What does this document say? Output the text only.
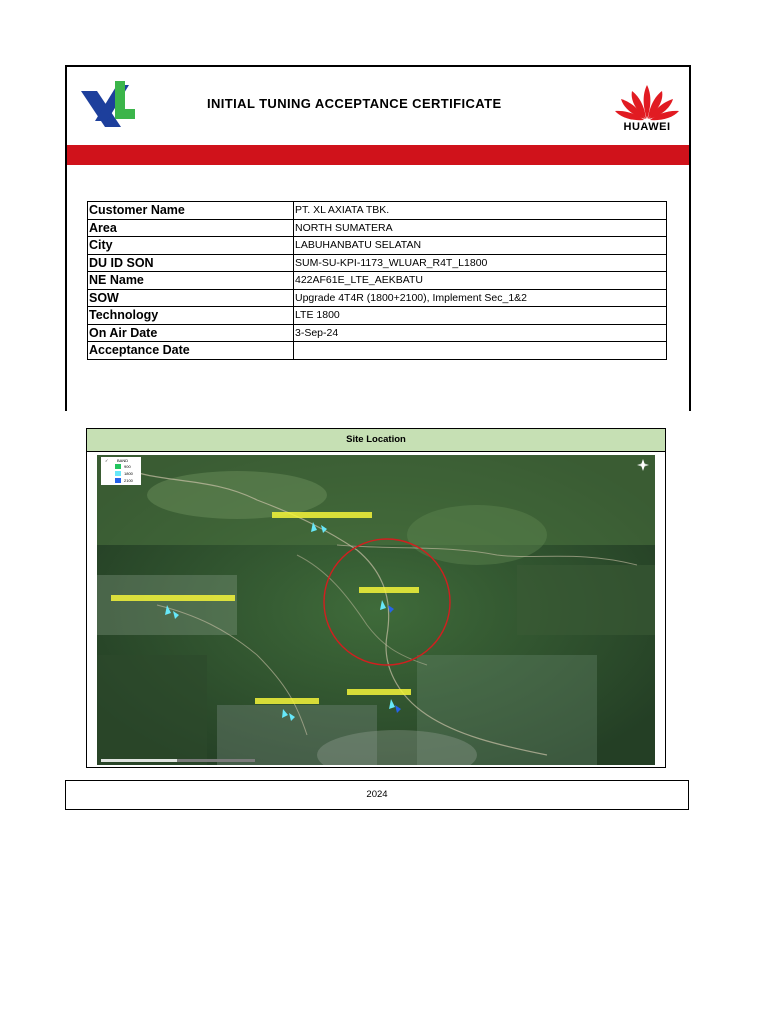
INITIAL TUNING ACCEPTANCE CERTIFICATE
HUAWEI
Customer Name	PT. XL AXIATA TBK.
Area	NORTH SUMATERA
City	LABUHANBATU SELATAN
DU ID SON	SUM-SU-KPI-1173_WLUAR_R4T_L1800
NE Name	422AF61E_LTE_AEKBATU
SOW	Upgrade 4T4R (1800+2100), Implement Sec_1&2
Technology	LTE 1800
On Air Date	3-Sep-24
Acceptance Date	
Site Location
✓ BAND
900
1800
2100
2024
